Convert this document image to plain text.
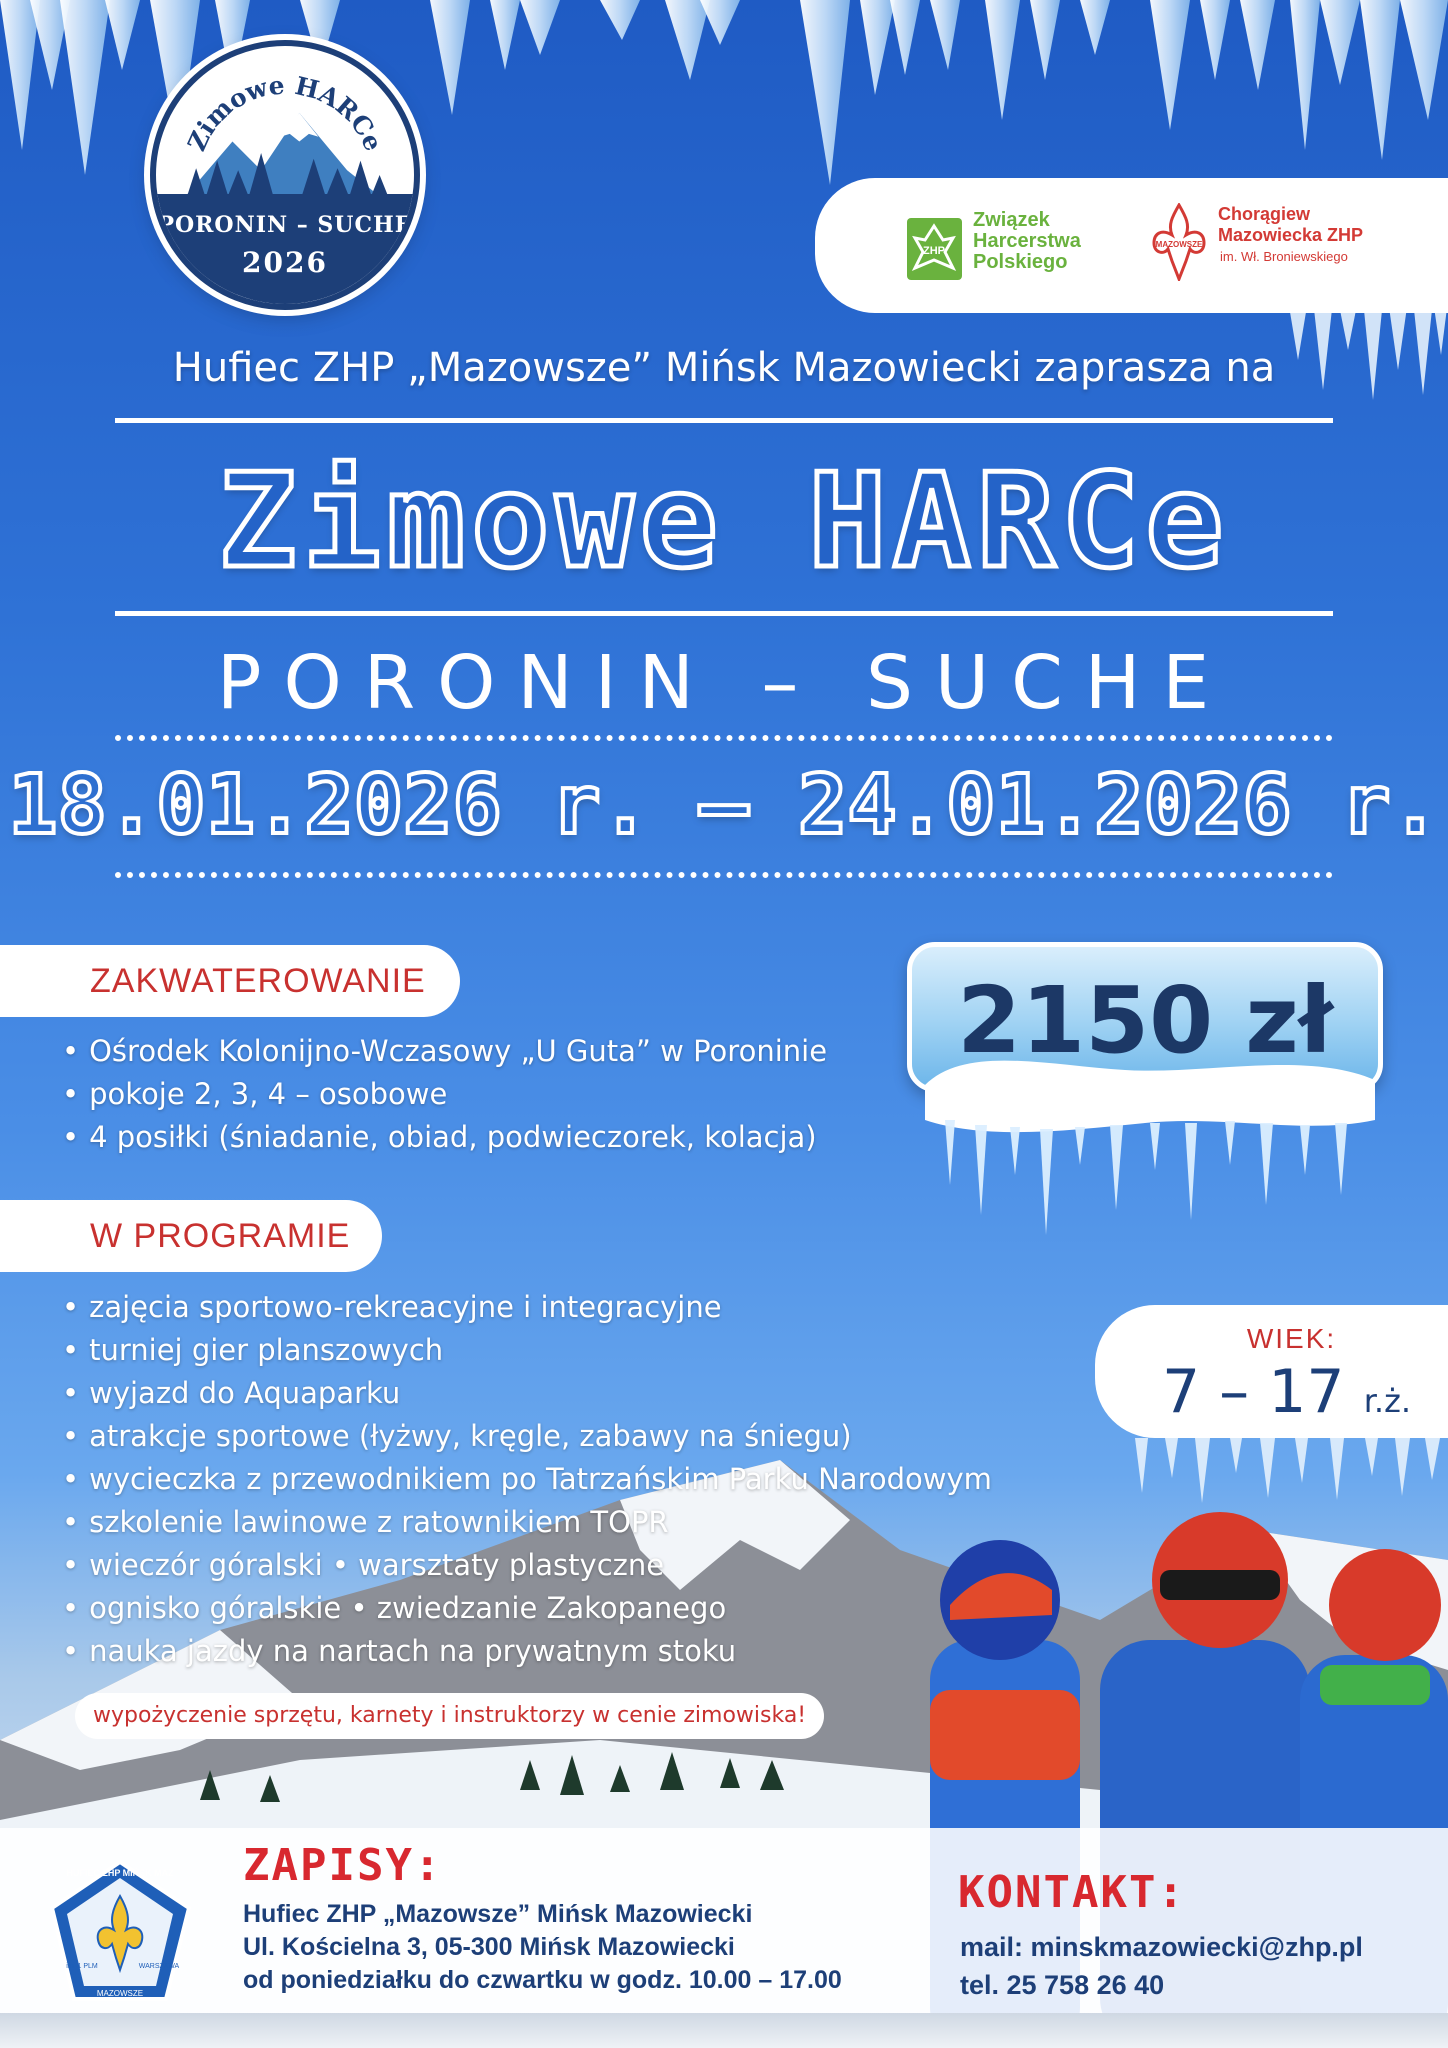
Zimowe HARCe
PORONIN – SUCHE
2026	ZHP
Związek
Harcerstwa
Polskiego
MAZOWSZE
Chorągiew
Mazowiecka ZHP
im. Wł. Broniewskiego
Hufiec ZHP „Mazowsze” Mińsk Mazowiecki zaprasza na
Zimowe HARCe
PORONIN – SUCHE
18.01.2026 r. – 24.01.2026 r.
ZAKWATEROWANIE
• Ośrodek Kolonijno-Wczasowy „U Guta” w Poroninie
• pokoje 2, 3, 4 – osobowe
• 4 posiłki (śniadanie, obiad, podwieczorek, kolacja)
2150 zł
WIEK:
7 – 17 r.ż.
W PROGRAMIE
• zajęcia sportowo-rekreacyjne i integracyjne
• turniej gier planszowych
• wyjazd do Aquaparku
• atrakcje sportowe (łyżwy, kręgle, zabawy na śniegu)
• wycieczka z przewodnikiem po Tatrzańskim Parku Narodowym
• szkolenie lawinowe z ratownikiem TOPR
• wieczór góralski • warsztaty plastyczne
• ognisko góralskie • zwiedzanie Zakopanego
• nauka jazdy na nartach na prywatnym stoku
wypożyczenie sprzętu, karnety i instruktorzy w cenie zimowiska!
HUFIEC ZHP MIŃSK MAZ
MAZOWSZE
im. 1 PLM	WARSZAWA
ZAPISY:
Hufiec ZHP „Mazowsze” Mińsk Mazowiecki
Ul. Kościelna 3, 05-300 Mińsk Mazowiecki
od poniedziałku do czwartku w godz. 10.00 – 17.00
KONTAKT:
mail: minskmazowiecki@zhp.pl
tel. 25 758 26 40
